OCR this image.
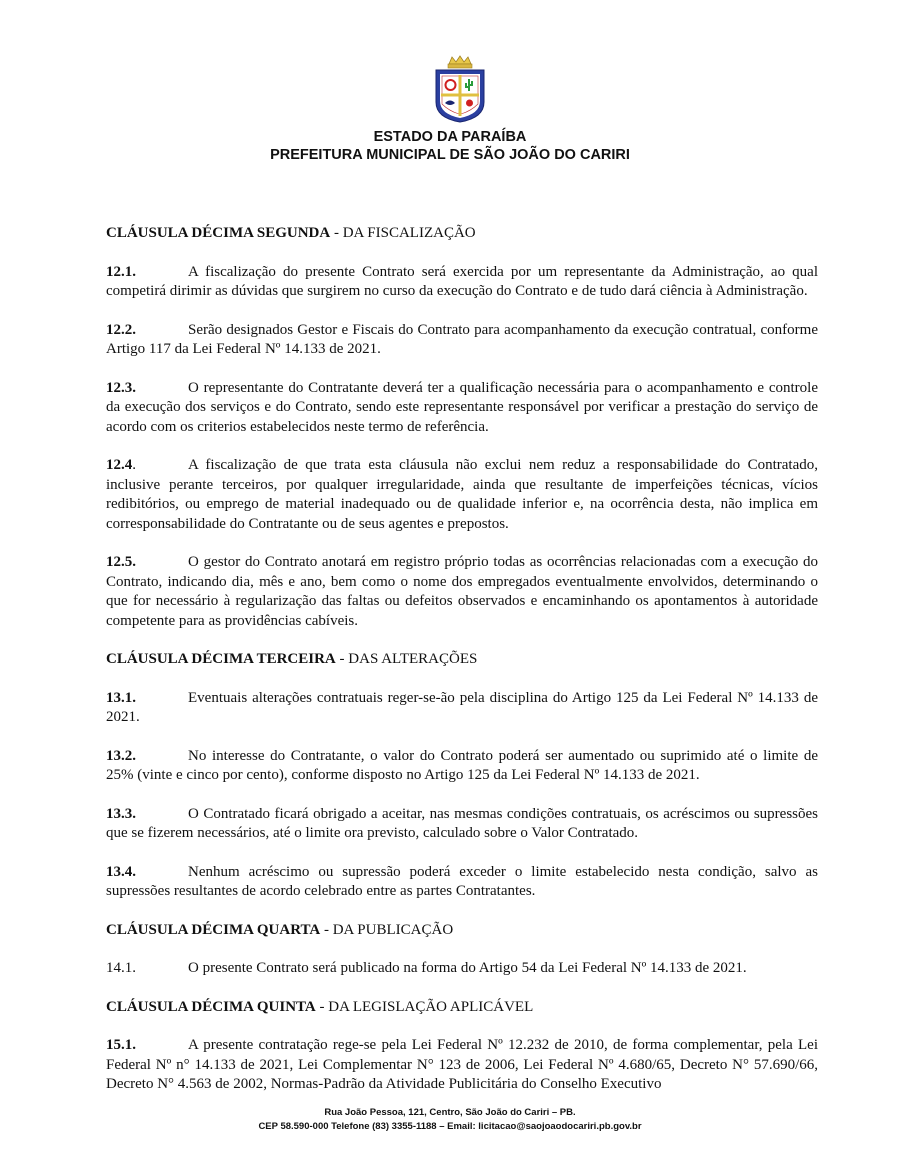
ESTADO DA PARAÍBA
PREFEITURA MUNICIPAL DE SÃO JOÃO DO CARIRI
CLÁUSULA DÉCIMA SEGUNDA - DA FISCALIZAÇÃO
12.1.	A fiscalização do presente Contrato será exercida por um representante da Administração, ao qual competirá dirimir as dúvidas que surgirem no curso da execução do Contrato e de tudo dará ciência à Administração.
12.2.	Serão designados Gestor e Fiscais do Contrato para acompanhamento da execução contratual, conforme Artigo 117 da Lei Federal Nº 14.133 de 2021.
12.3.	O representante do Contratante deverá ter a qualificação necessária para o acompanhamento e controle da execução dos serviços e do Contrato, sendo este representante responsável por verificar a prestação do serviço de acordo com os criterios estabelecidos neste termo de referência.
12.4.	A fiscalização de que trata esta cláusula não exclui nem reduz a responsabilidade do Contratado, inclusive perante terceiros, por qualquer irregularidade, ainda que resultante de imperfeições técnicas, vícios redibitórios, ou emprego de material inadequado ou de qualidade inferior e, na ocorrência desta, não implica em corresponsabilidade do Contratante ou de seus agentes e prepostos.
12.5.	O gestor do Contrato anotará em registro próprio todas as ocorrências relacionadas com a execução do Contrato, indicando dia, mês e ano, bem como o nome dos empregados eventualmente envolvidos, determinando o que for necessário à regularização das faltas ou defeitos observados e encaminhando os apontamentos à autoridade competente para as providências cabíveis.
CLÁUSULA DÉCIMA TERCEIRA - DAS ALTERAÇÕES
13.1.	Eventuais alterações contratuais reger-se-ão pela disciplina do Artigo 125 da Lei Federal Nº 14.133 de 2021.
13.2.	No interesse do Contratante, o valor do Contrato poderá ser aumentado ou suprimido até o limite de 25% (vinte e cinco por cento), conforme disposto no Artigo 125 da Lei Federal Nº 14.133 de 2021.
13.3.	O Contratado ficará obrigado a aceitar, nas mesmas condições contratuais, os acréscimos ou supressões que se fizerem necessários, até o limite ora previsto, calculado sobre o Valor Contratado.
13.4.	Nenhum acréscimo ou supressão poderá exceder o limite estabelecido nesta condição, salvo as supressões resultantes de acordo celebrado entre as partes Contratantes.
CLÁUSULA DÉCIMA QUARTA - DA PUBLICAÇÃO
14.1.	O presente Contrato será publicado na forma do Artigo 54 da Lei Federal Nº 14.133 de 2021.
CLÁUSULA DÉCIMA QUINTA - DA LEGISLAÇÃO APLICÁVEL
15.1.	A presente contratação rege-se pela Lei Federal Nº 12.232 de 2010, de forma complementar, pela Lei Federal Nº n° 14.133 de 2021, Lei Complementar N° 123 de 2006, Lei Federal Nº 4.680/65, Decreto N° 57.690/66, Decreto N° 4.563 de 2002, Normas-Padrão da Atividade Publicitária do Conselho Executivo
Rua João Pessoa, 121, Centro, São João do Cariri – PB.
CEP 58.590-000 Telefone (83) 3355-1188 – Email: licitacao@saojoaodocariri.pb.gov.br
